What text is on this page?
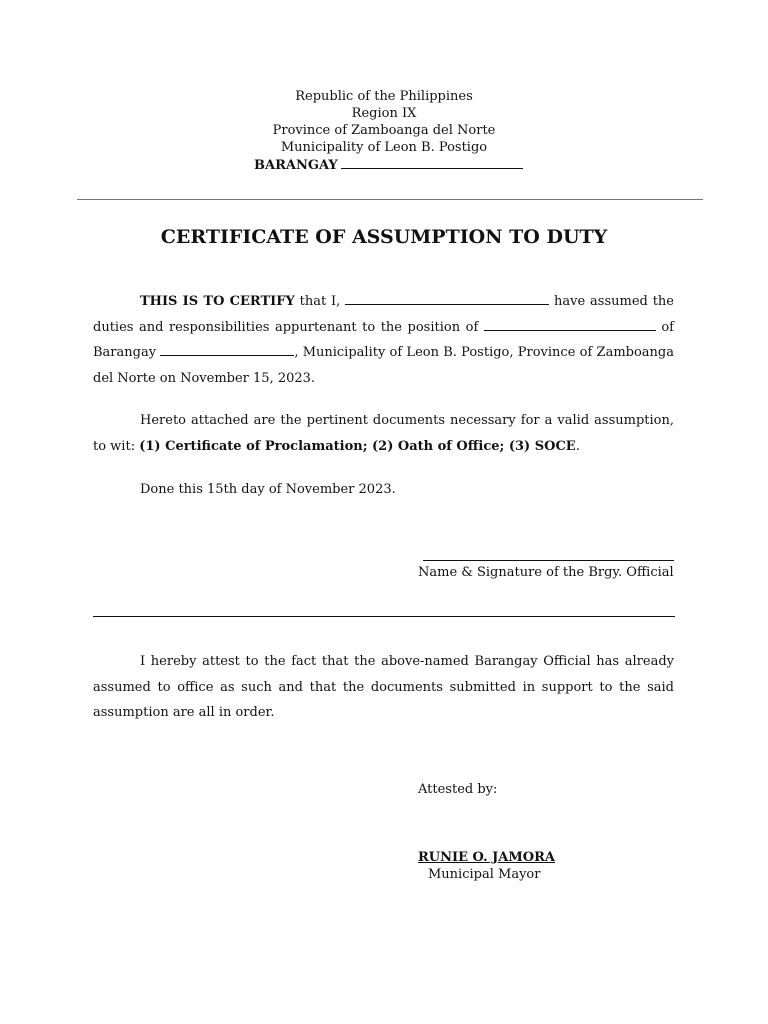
Republic of the Philippines
Region IX
Province of Zamboanga del Norte
Municipality of Leon B. Postigo
BARANGAY
CERTIFICATE OF ASSUMPTION TO DUTY
THIS IS TO CERTIFY that I,	have assumed the duties and responsibilities appurtenant to the position of	of Barangay	, Municipality of Leon B. Postigo, Province of Zamboanga del Norte on November 15, 2023.
Hereto attached are the pertinent documents necessary for a valid assumption, to wit: (1) Certificate of Proclamation; (2) Oath of Office; (3) SOCE.
Done this 15th day of November 2023.
Name & Signature of the Brgy. Official
I hereby attest to the fact that the above-named Barangay Official has already assumed to office as such and that the documents submitted in support to the said assumption are all in order.
Attested by:
RUNIE O. JAMORA
Municipal Mayor
